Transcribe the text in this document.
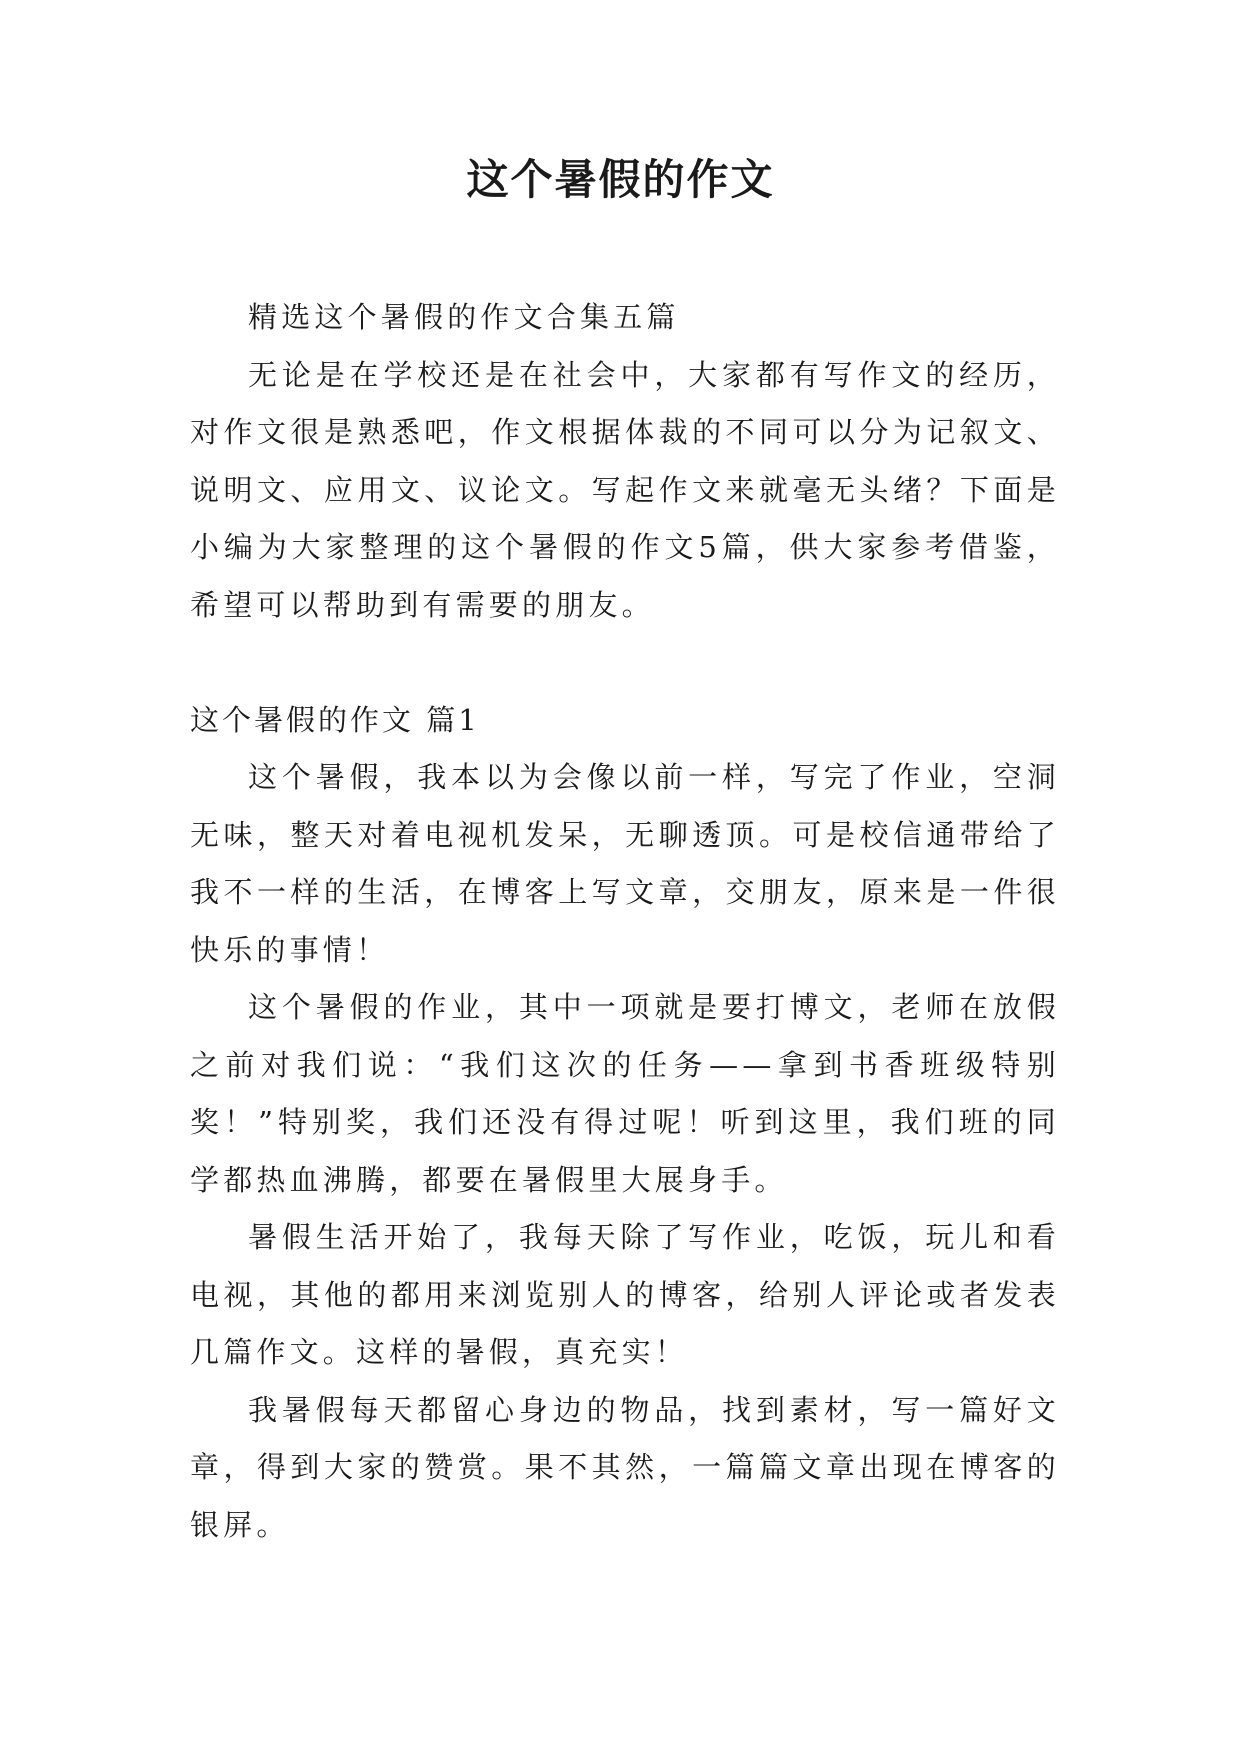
这个暑假的作文

精选这个暑假的作文合集五篇

无论是在学校还是在社会中，大家都有写作文的经历，对作文很是熟悉吧，作文根据体裁的不同可以分为记叙文、说明文、应用文、议论文。写起作文来就毫无头绪？下面是小编为大家整理的这个暑假的作文5篇，供大家参考借鉴，希望可以帮助到有需要的朋友。

这个暑假的作文 篇1

这个暑假，我本以为会像以前一样，写完了作业，空洞无味，整天对着电视机发呆，无聊透顶。可是校信通带给了我不一样的生活，在博客上写文章，交朋友，原来是一件很快乐的事情！

这个暑假的作业，其中一项就是要打博文，老师在放假之前对我们说：“我们这次的任务——拿到书香班级特别奖！”特别奖，我们还没有得过呢！听到这里，我们班的同学都热血沸腾，都要在暑假里大展身手。

暑假生活开始了，我每天除了写作业，吃饭，玩儿和看电视，其他的都用来浏览别人的博客，给别人评论或者发表几篇作文。这样的暑假，真充实！

我暑假每天都留心身边的物品，找到素材，写一篇好文章，得到大家的赞赏。果不其然，一篇篇文章出现在博客的银屏。
